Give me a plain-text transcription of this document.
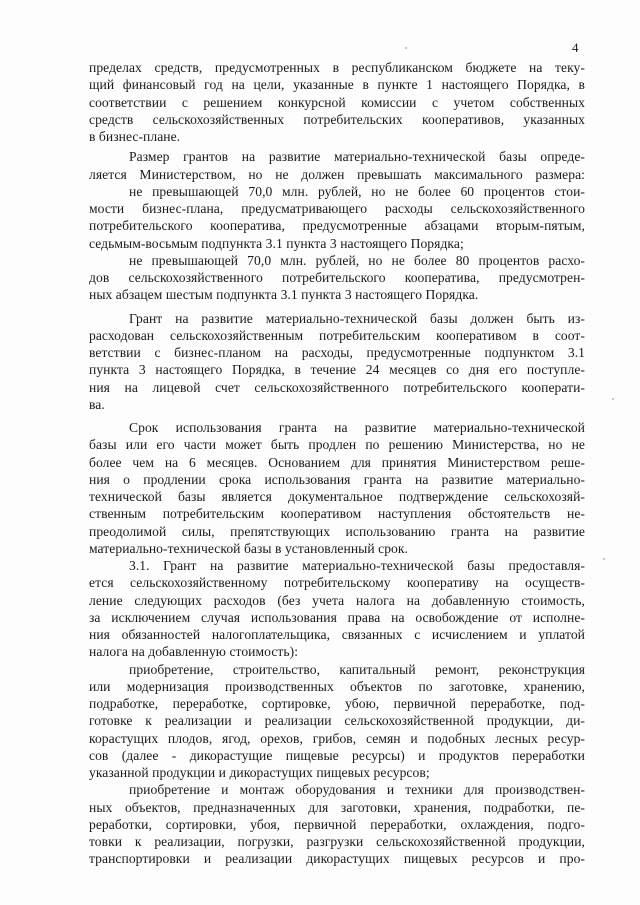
4
пределах средств, предусмотренных в республиканском бюджете на теку-
щий финансовый год на цели, указанные в пункте 1 настоящего Порядка, в
соответствии с решением конкурсной комиссии с учетом собственных
средств сельскохозяйственных потребительских кооперативов, указанных
в бизнес-плане.
Размер грантов на развитие материально-технической базы опреде-
ляется Министерством, но не должен превышать максимального размера:
не превышающей 70,0 млн. рублей, но не более 60 процентов стои-
мости бизнес-плана, предусматривающего расходы сельскохозяйственного
потребительского кооператива, предусмотренные абзацами вторым-пятым,
седьмым-восьмым подпункта 3.1 пункта 3 настоящего Порядка;
не превышающей 70,0 млн. рублей, но не более 80 процентов расхо-
дов сельскохозяйственного потребительского кооператива, предусмотрен-
ных абзацем шестым подпункта 3.1 пункта 3 настоящего Порядка.
Грант на развитие материально-технической базы должен быть из-
расходован сельскохозяйственным потребительским кооперативом в соот-
ветствии с бизнес-планом на расходы, предусмотренные подпунктом 3.1
пункта 3 настоящего Порядка, в течение 24 месяцев со дня его поступле-
ния на лицевой счет сельскохозяйственного потребительского кооперати-
ва.
Срок использования гранта на развитие материально-технической
базы или его части может быть продлен по решению Министерства, но не
более чем на 6 месяцев. Основанием для принятия Министерством реше-
ния о продлении срока использования гранта на развитие материально-
технической базы является документальное подтверждение сельскохозяй-
ственным потребительским кооперативом наступления обстоятельств не-
преодолимой силы, препятствующих использованию гранта на развитие
материально-технической базы в установленный срок.
3.1. Грант на развитие материально-технической базы предоставля-
ется сельскохозяйственному потребительскому кооперативу на осуществ-
ление следующих расходов (без учета налога на добавленную стоимость,
за исключением случая использования права на освобождение от исполне-
ния обязанностей налогоплательщика, связанных с исчислением и уплатой
налога на добавленную стоимость):
приобретение, строительство, капитальный ремонт, реконструкция
или модернизация производственных объектов по заготовке, хранению,
подработке, переработке, сортировке, убою, первичной переработке, под-
готовке к реализации и реализации сельскохозяйственной продукции, ди-
корастущих плодов, ягод, орехов, грибов, семян и подобных лесных ресур-
сов (далее - дикорастущие пищевые ресурсы) и продуктов переработки
указанной продукции и дикорастущих пищевых ресурсов;
приобретение и монтаж оборудования и техники для производствен-
ных объектов, предназначенных для заготовки, хранения, подработки, пе-
реработки, сортировки, убоя, первичной переработки, охлаждения, подго-
товки к реализации, погрузки, разгрузки сельскохозяйственной продукции,
транспортировки и реализации дикорастущих пищевых ресурсов и про-
